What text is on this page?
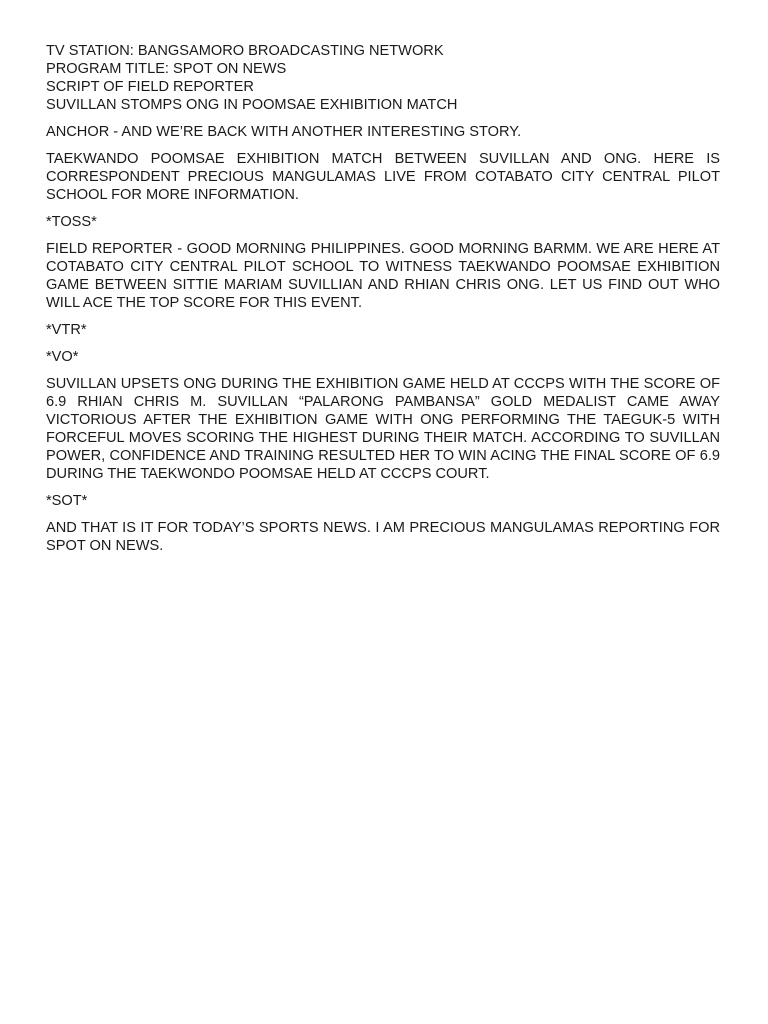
TV STATION: BANGSAMORO BROADCASTING NETWORK
PROGRAM TITLE: SPOT ON NEWS
SCRIPT OF FIELD REPORTER
SUVILLAN STOMPS ONG IN POOMSAE EXHIBITION MATCH

ANCHOR - AND WE’RE BACK WITH ANOTHER INTERESTING STORY.

TAEKWANDO POOMSAE EXHIBITION MATCH BETWEEN SUVILLAN AND ONG. HERE IS CORRESPONDENT PRECIOUS MANGULAMAS LIVE FROM COTABATO CITY CENTRAL PILOT SCHOOL FOR MORE INFORMATION.

*TOSS*

FIELD REPORTER - GOOD MORNING PHILIPPINES. GOOD MORNING BARMM. WE ARE HERE AT COTABATO CITY CENTRAL PILOT SCHOOL TO WITNESS TAEKWANDO POOMSAE EXHIBITION GAME BETWEEN SITTIE MARIAM SUVILLIAN AND RHIAN CHRIS ONG. LET US FIND OUT WHO WILL ACE THE TOP SCORE FOR THIS EVENT.

*VTR*

*VO*

SUVILLAN UPSETS ONG DURING THE EXHIBITION GAME HELD AT CCCPS WITH THE SCORE OF 6.9 RHIAN CHRIS M. SUVILLAN “PALARONG PAMBANSA” GOLD MEDALIST CAME AWAY VICTORIOUS AFTER THE EXHIBITION GAME WITH ONG PERFORMING THE TAEGUK-5 WITH FORCEFUL MOVES SCORING THE HIGHEST DURING THEIR MATCH. ACCORDING TO SUVILLAN POWER, CONFIDENCE AND TRAINING RESULTED HER TO WIN ACING THE FINAL SCORE OF 6.9 DURING THE TAEKWONDO POOMSAE HELD AT CCCPS COURT.

*SOT*

AND THAT IS IT FOR TODAY’S SPORTS NEWS. I AM PRECIOUS MANGULAMAS REPORTING FOR SPOT ON NEWS.
